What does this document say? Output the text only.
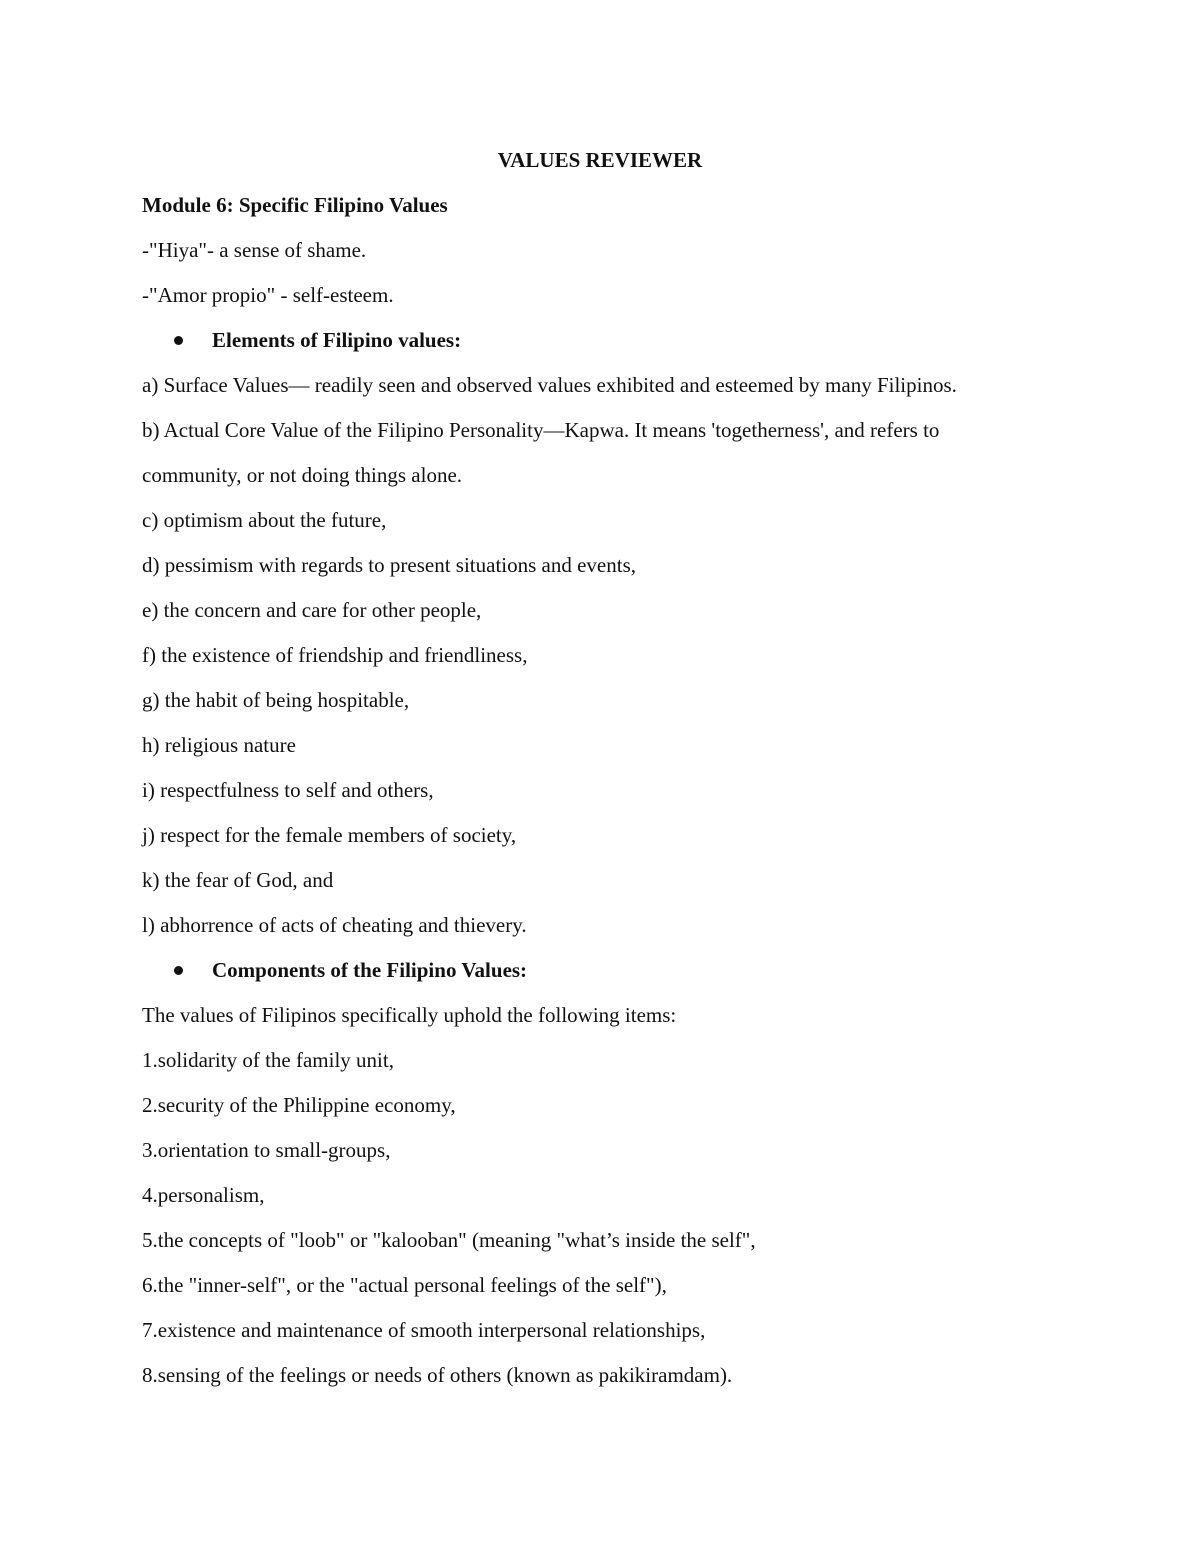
VALUES REVIEWER
Module 6: Specific Filipino Values
-"Hiya"- a sense of shame.
-"Amor propio" - self-esteem.
Elements of Filipino values:
a) Surface Values— readily seen and observed values exhibited and esteemed by many Filipinos.
b) Actual Core Value of the Filipino Personality—Kapwa. It means 'togetherness', and refers to
community, or not doing things alone.
c) optimism about the future,
d) pessimism with regards to present situations and events,
e) the concern and care for other people,
f) the existence of friendship and friendliness,
g) the habit of being hospitable,
h) religious nature
i) respectfulness to self and others,
j) respect for the female members of society,
k) the fear of God, and
l) abhorrence of acts of cheating and thievery.
Components of the Filipino Values:
The values of Filipinos specifically uphold the following items:
1.solidarity of the family unit,
2.security of the Philippine economy,
3.orientation to small-groups,
4.personalism,
5.the concepts of "loob" or "kalooban" (meaning "what’s inside the self",
6.the "inner-self", or the "actual personal feelings of the self"),
7.existence and maintenance of smooth interpersonal relationships,
8.sensing of the feelings or needs of others (known as pakikiramdam).
